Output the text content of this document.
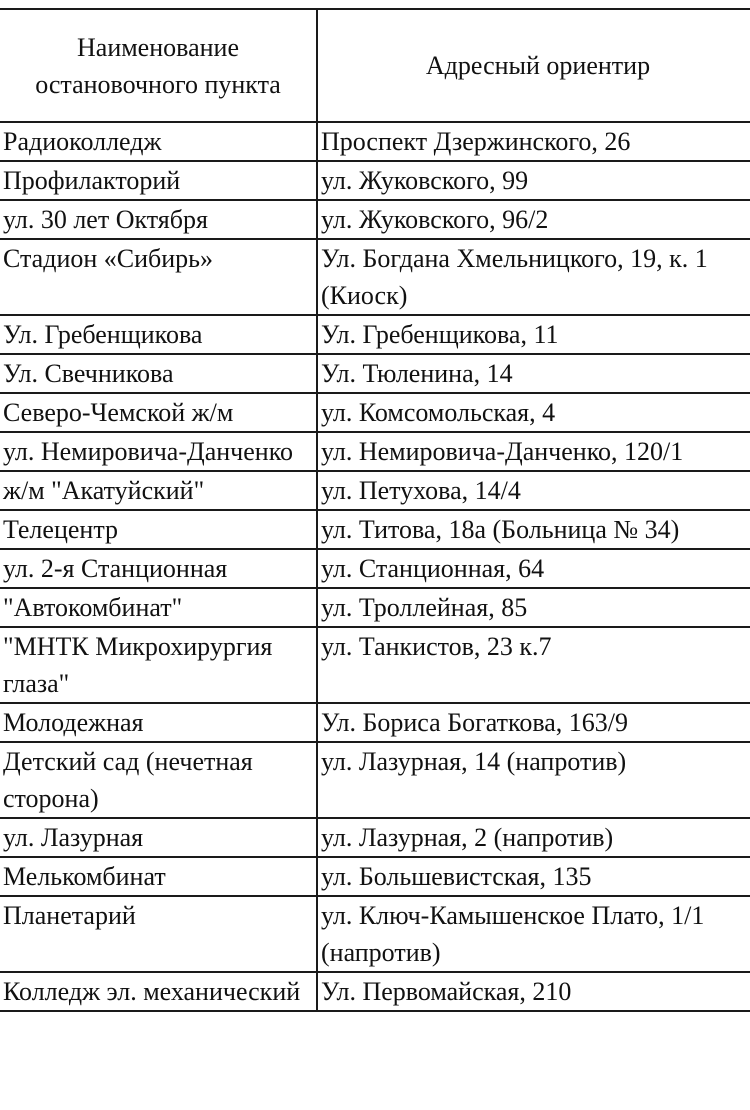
Наименование остановочного пункта	Адресный ориентир
Радиоколледж	Проспект Дзержинского, 26
Профилакторий	ул. Жуковского, 99
ул. 30 лет Октября	ул. Жуковского, 96/2
Стадион «Сибирь»	Ул. Богдана Хмельницкого, 19, к. 1 (Киоск)
Ул. Гребенщикова	Ул. Гребенщикова, 11
Ул. Свечникова	Ул. Тюленина, 14
Северо-Чемской ж/м	ул. Комсомольская, 4
ул. Немировича-Данченко	ул. Немировича-Данченко, 120/1
ж/м "Акатуйский"	ул. Петухова, 14/4
Телецентр	ул. Титова, 18а (Больница № 34)
ул. 2-я Станционная	ул. Станционная, 64
"Автокомбинат"	ул. Троллейная, 85
"МНТК Микрохирургия глаза"	ул. Танкистов, 23 к.7
Молодежная	Ул. Бориса Богаткова, 163/9
Детский сад (нечетная сторона)	ул. Лазурная, 14 (напротив)
ул. Лазурная	ул. Лазурная, 2 (напротив)
Мелькомбинат	ул. Большевистская, 135
Планетарий	ул. Ключ-Камышенское Плато, 1/1 (напротив)
Колледж эл. механический	Ул. Первомайская, 210
